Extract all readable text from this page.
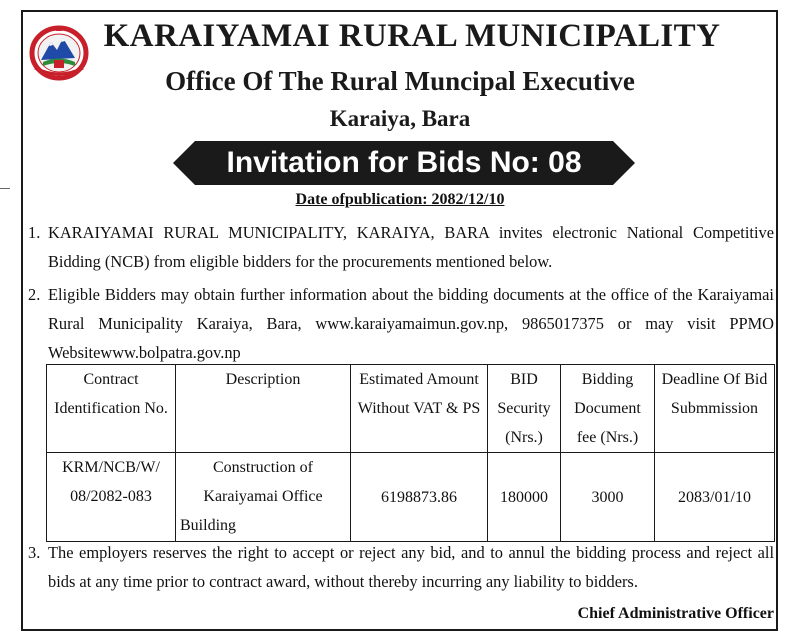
KARAIYAMAI RURAL MUNICIPALITY
Office Of The Rural Muncipal Executive
Karaiya, Bara
Invitation for Bids No: 08
Date ofpublication: 2082/12/10
1. KARAIYAMAI RURAL MUNICIPALITY, KARAIYA, BARA invites electronic National Competitive Bidding (NCB) from eligible bidders for the procurements mentioned below.
2. Eligible Bidders may obtain further information about the bidding documents at the office of the Karaiyamai Rural Municipality Karaiya, Bara, www.karaiyamaimun.gov.np, 9865017375 or may visit PPMO Websitewww.bolpatra.gov.np
Contract Identification No.	Description	Estimated Amount Without VAT & PS	BID Security (Nrs.)	Bidding Document fee (Nrs.)	Deadline Of Bid Submmission
KRM/NCB/W/ 08/2082-083	Construction of Karaiyamai Office Building	6198873.86	180000	3000	2083/01/10
3. The employers reserves the right to accept or reject any bid, and to annul the bidding process and reject all bids at any time prior to contract award, without thereby incurring any liability to bidders.
Chief Administrative Officer
